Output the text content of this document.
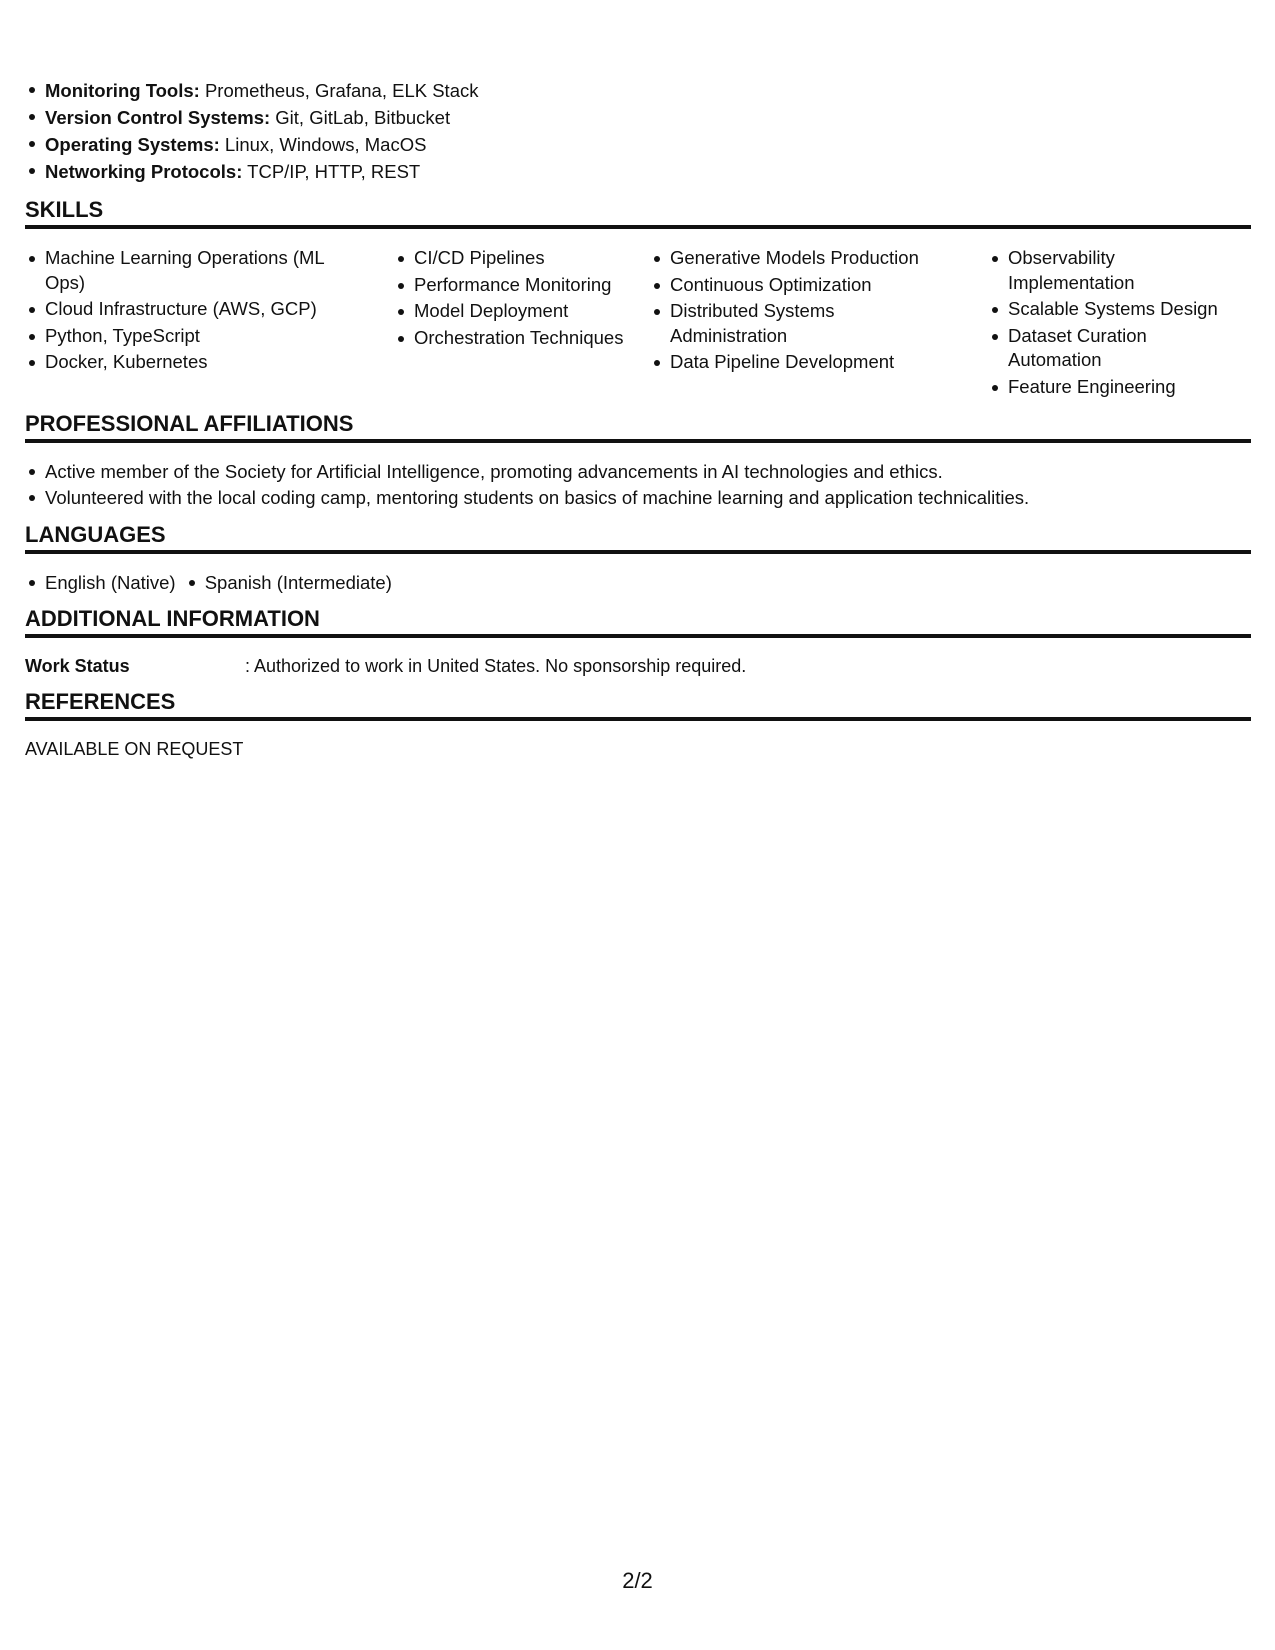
Monitoring Tools: Prometheus, Grafana, ELK Stack
Version Control Systems: Git, GitLab, Bitbucket
Operating Systems: Linux, Windows, MacOS
Networking Protocols: TCP/IP, HTTP, REST
SKILLS
Machine Learning Operations (ML Ops)
Cloud Infrastructure (AWS, GCP)
Python, TypeScript
Docker, Kubernetes
CI/CD Pipelines
Performance Monitoring
Model Deployment
Orchestration Techniques
Generative Models Production
Continuous Optimization
Distributed Systems Administration
Data Pipeline Development
Observability Implementation
Scalable Systems Design
Dataset Curation Automation
Feature Engineering
PROFESSIONAL AFFILIATIONS
Active member of the Society for Artificial Intelligence, promoting advancements in AI technologies and ethics.
Volunteered with the local coding camp, mentoring students on basics of machine learning and application technicalities.
LANGUAGES
English (Native) Spanish (Intermediate)
ADDITIONAL INFORMATION
Work Status	: Authorized to work in United States. No sponsorship required.
REFERENCES
AVAILABLE ON REQUEST
2/2
